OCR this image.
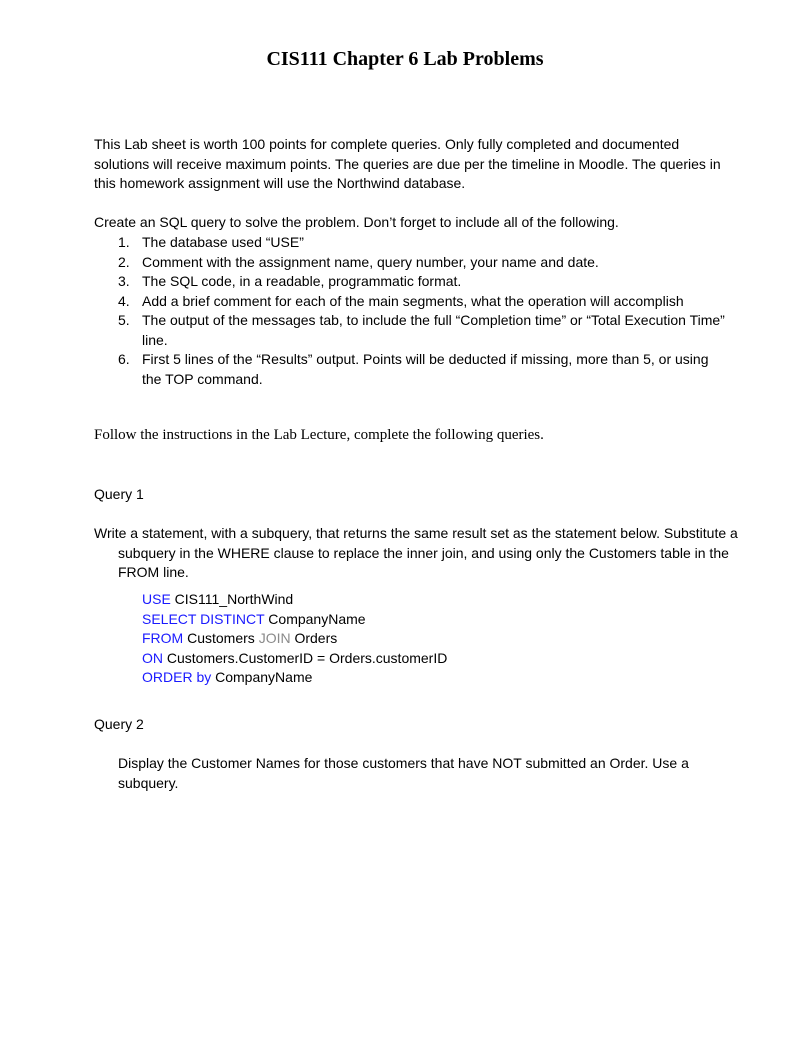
CIS111 Chapter 6 Lab Problems

This Lab sheet is worth 100 points for complete queries. Only fully completed and documented solutions will receive maximum points. The queries are due per the timeline in Moodle. The queries in this homework assignment will use the Northwind database.

Create an SQL query to solve the problem. Don’t forget to include all of the following.

1. The database used “USE”
2. Comment with the assignment name, query number, your name and date.
3. The SQL code, in a readable, programmatic format.
4. Add a brief comment for each of the main segments, what the operation will accomplish
5. The output of the messages tab, to include the full “Completion time” or “Total Execution Time” line.
6. First 5 lines of the “Results” output. Points will be deducted if missing, more than 5, or using the TOP command.

Follow the instructions in the Lab Lecture, complete the following queries.

Query 1

Write a statement, with a subquery, that returns the same result set as the statement below. Substitute a subquery in the WHERE clause to replace the inner join, and using only the Customers table in the FROM line.

USE CIS111_NorthWind
SELECT DISTINCT CompanyName
FROM Customers JOIN Orders
ON Customers.CustomerID = Orders.customerID
ORDER by CompanyName

Query 2

Display the Customer Names for those customers that have NOT submitted an Order. Use a subquery.
